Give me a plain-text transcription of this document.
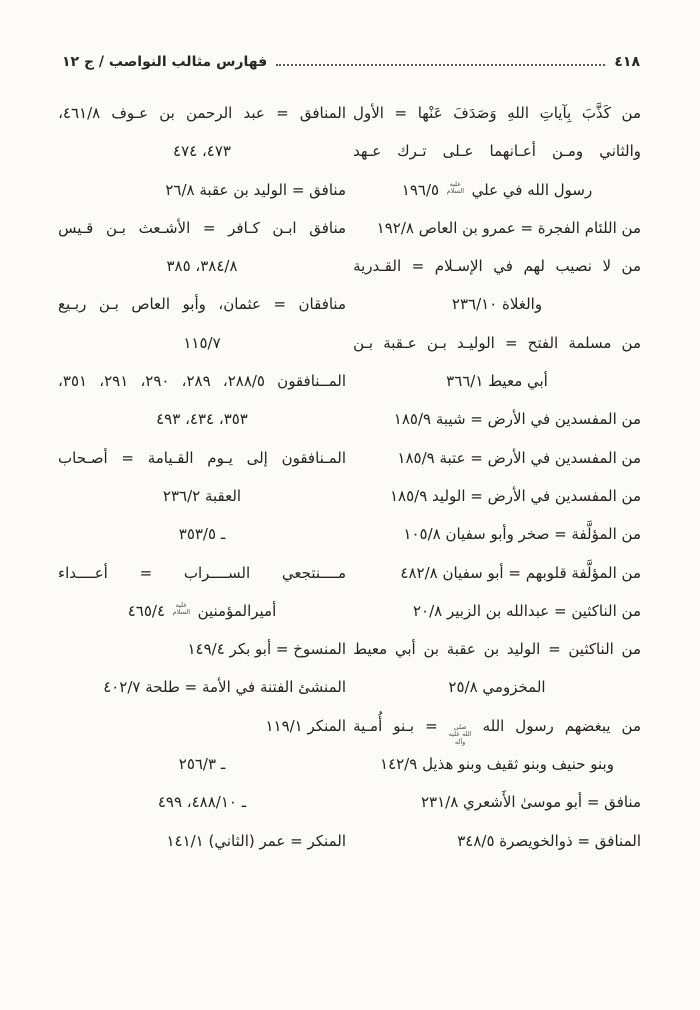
٤١٨
فهارس مثالب النواصب / ج ١٢
من
كَذَّبَ
بِآياتِ
اللهِ
وَصَدَفَ
عَنْها
=
الأول
والثاني
ومـن
أعـانهما
عـلى
تـرك
عـهد
رسول الله في علي عليه السلام ١٩٦/٥
من اللئام الفجرة = عمرو بن العاص ١٩٢/٨
من
لا
نصيب
لهم
في
الإسـلام
=
القـدرية
والغلاة ٢٣٦/١٠
من
مسلمة
الفتح
=
الوليـد
بـن
عـقبة
بـن
أبي معيط ٣٦٦/١
من المفسدين في الأرض = شيبة ١٨٥/٩
من المفسدين في الأرض = عتبة ١٨٥/٩
من المفسدين في الأرض = الوليد ١٨٥/٩
من المؤلَّفة = صخر وأبو سفيان ١٠٥/٨
من المؤلَّفة قلوبهم = أبو سفيان ٤٨٢/٨
من الناكثين = عبدالله بن الزبير ٢٠/٨
من
الناكثين
=
الوليد
بن
عقبة
بن
أبي
معيط
المخزومي ٢٥/٨
من
يبغضهم
رسول
الله
صلى الله عليه وآله
=
بـنو
أُمـية
وبنو حنيف وبنو ثقيف وبنو هذيل ١٤٢/٩
منافق = أبو موسىٰ الأَشعري ٢٣١/٨
المنافق = ذوالخويصرة ٣٤٨/٥
المنافق
=
عبد
الرحمن
بن
عـوف
٤٦١/٨،
٤٧٣، ٤٧٤
منافق = الوليد بن عقبة ٢٦/٨
منافق
ابـن
كـافر
=
الأشـعث
بـن
قـيس
٣٨٤/٨، ٣٨٥
منافقان
=
عثمان،
وأبو
العاص
بـن
ربـيع
١١٥/٧
المــنافقون
٢٨٨/٥،
٢٨٩،
٢٩٠،
٢٩١،
٣٥١،
٣٥٣، ٤٣٤، ٤٩٣
المـنافقون
إلى
يـوم
القـيامة
=
أصـحاب
العقبة ٢٣٦/٢
ـ ٣٥٣/٥
مــــنتجعي
الســــراب
=
أعــــداء
أميرالمؤمنين عليه السلام ٤٦٥/٤
المنسوخ = أبو بكر ١٤٩/٤
المنشئ الفتنة في الأمة = طلحة ٤٠٢/٧
المنكر ١١٩/١
ـ ٢٥٦/٣
ـ ٤٨٨/١٠، ٤٩٩
المنكر = عمر (الثاني) ١٤١/١
